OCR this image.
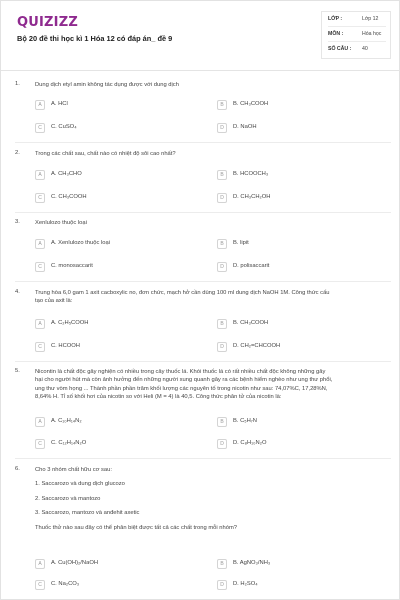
QUIZIZZ
Bộ 20 đề thi học kì 1 Hóa 12 có đáp án_ đề 9
LỚP :	Lớp 12
MÔN :	Hóa học
SỐ CÂU : 40
1.	Dung dịch etyl amin không tác dụng được với dung dịch
A	A. HCl	B	B. CH₃COOH
C	C. CuSO₄	D	D. NaOH
2.	Trong các chất sau, chất nào có nhiệt độ sôi cao nhất?
A	A. CH₃CHO	B	B. HCOOCH₃
C	C. CH₃COOH	D	D. CH₃CH₂OH
3.	Xenlulozo thuộc loại
A	A. Xenlulozo thuộc loại	B	B. lipit
C	C. monosaccarit	D	D. polisaccarit
4.	Trung hòa 6,0 gam 1 axit cacboxylic no, đơn chức, mạch hở cần dùng 100 ml dung dịch NaOH 1M. Công thức cấu
tạo của axit là:
A	A. C₂H₅COOH	B	B. CH₃COOH
C	C. HCOOH	D	D. CH₂=CHCOOH
5.	Nicontin là chất độc gây nghiện có nhiều trong cây thuốc lá. Khói thuốc lá có rất nhiều chất độc không những gây
hại cho người hút mà còn ảnh hưởng đến những người xung quanh gây ra các bệnh hiểm nghèo như ung thư phổi,
ung thư vòm họng ... Thành phần phần trăm khối lượng các nguyên tố trong nicotin như sau: 74,07%C, 17,28%N,
8,64% H. Tỉ số khối hơi của nicotin so với Heli (M = 4) là 40,5. Công thức phân tử của nicotin là:
A	A. C₁₀H₁₄N₂	B	B. C₅H₇N
C	C. C₁₂H₁₄N₂O	D	D. C₈H₁₀N₂O
6.	Cho 3 nhóm chất hữu cơ sau:
1. Saccarozo và dung dịch glucozo
2. Saccarozo và mantozo
3. Saccarozo, mantozo và anđehit axetic
Thuốc thử nào sau đây có thể phân biệt được tất cả các chất trong mỗi nhóm?
A	A. Cu(OH)₂/NaOH	B	B. AgNO₃/NH₃
C	C. Na₂CO₃	D	D. H₂SO₄
